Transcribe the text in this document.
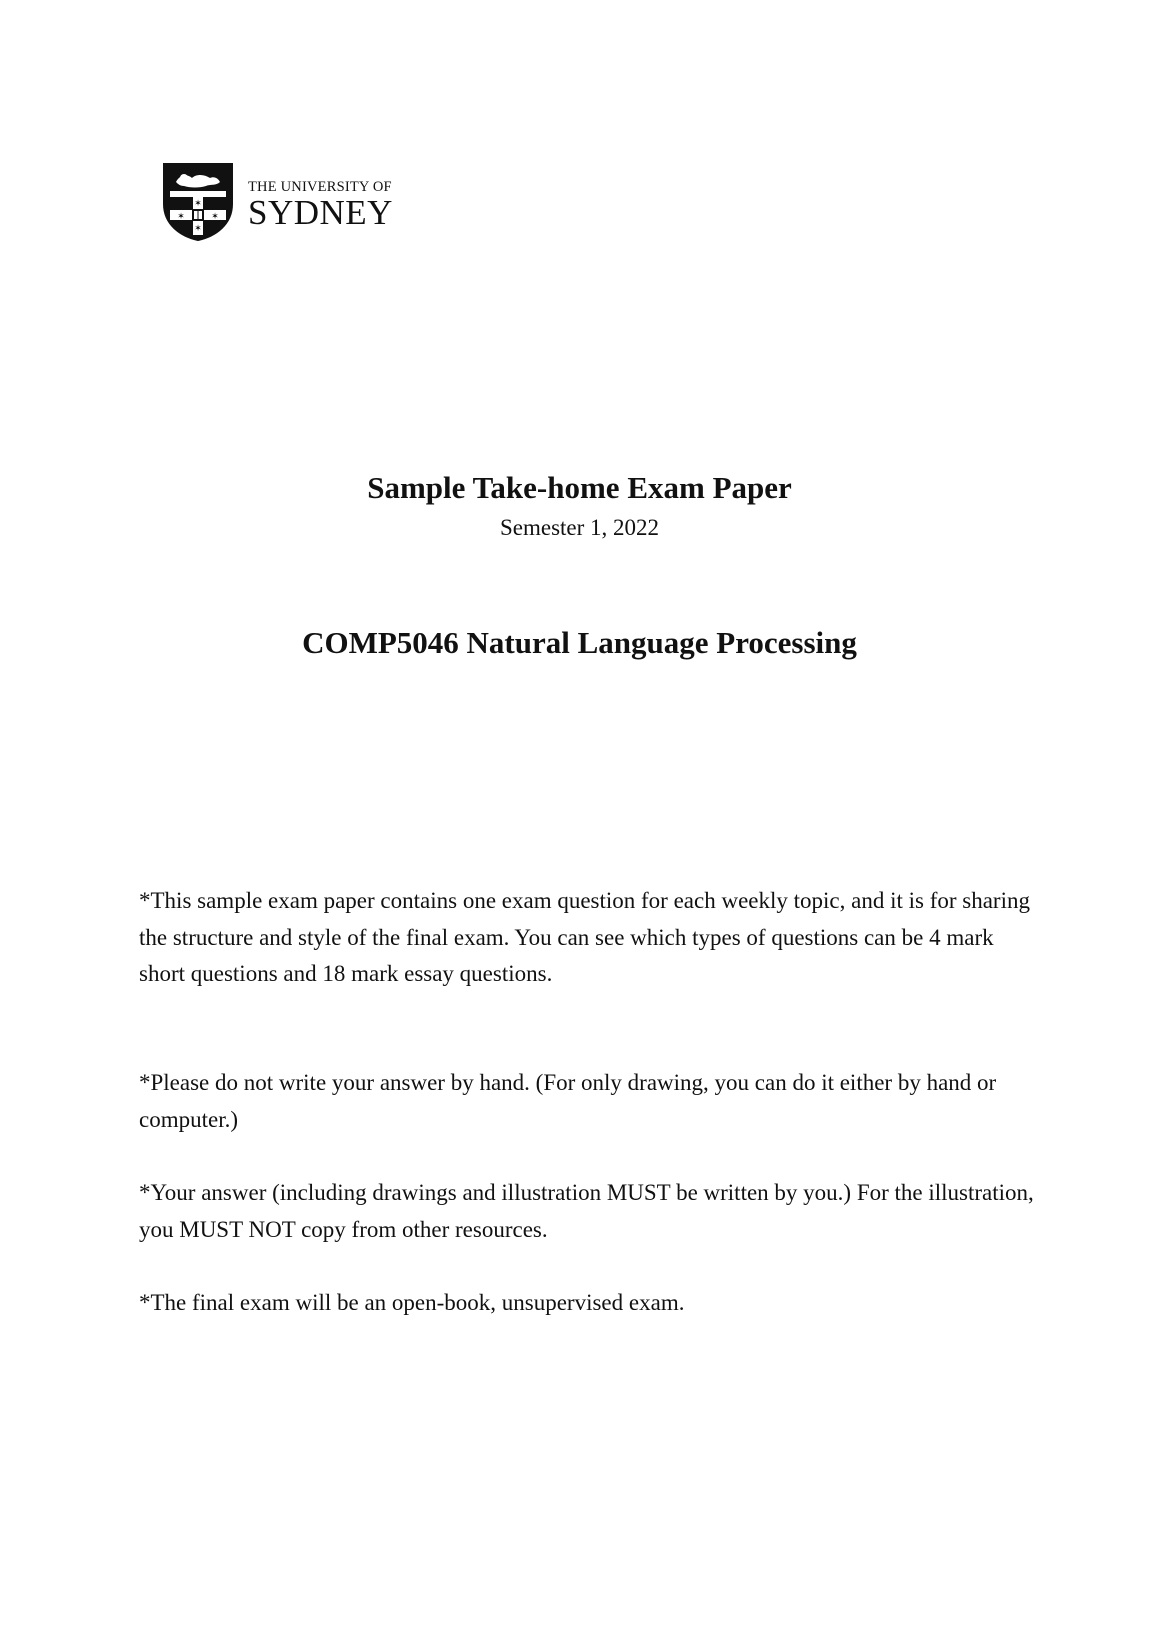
✶
✶
✶	✶
THE UNIVERSITY OF
SYDNEY
Sample Take-home Exam Paper
Semester 1, 2022
COMP5046 Natural Language Processing

*This sample exam paper contains one exam question for each weekly topic, and it is for sharing the structure and style of the final exam. You can see which types of questions can be 4 mark short questions and 18 mark essay questions.

*Please do not write your answer by hand. (For only drawing, you can do it either by hand or computer.)

*Your answer (including drawings and illustration MUST be written by you.) For the illustration, you MUST NOT copy from other resources.

*The final exam will be an open-book, unsupervised exam.
